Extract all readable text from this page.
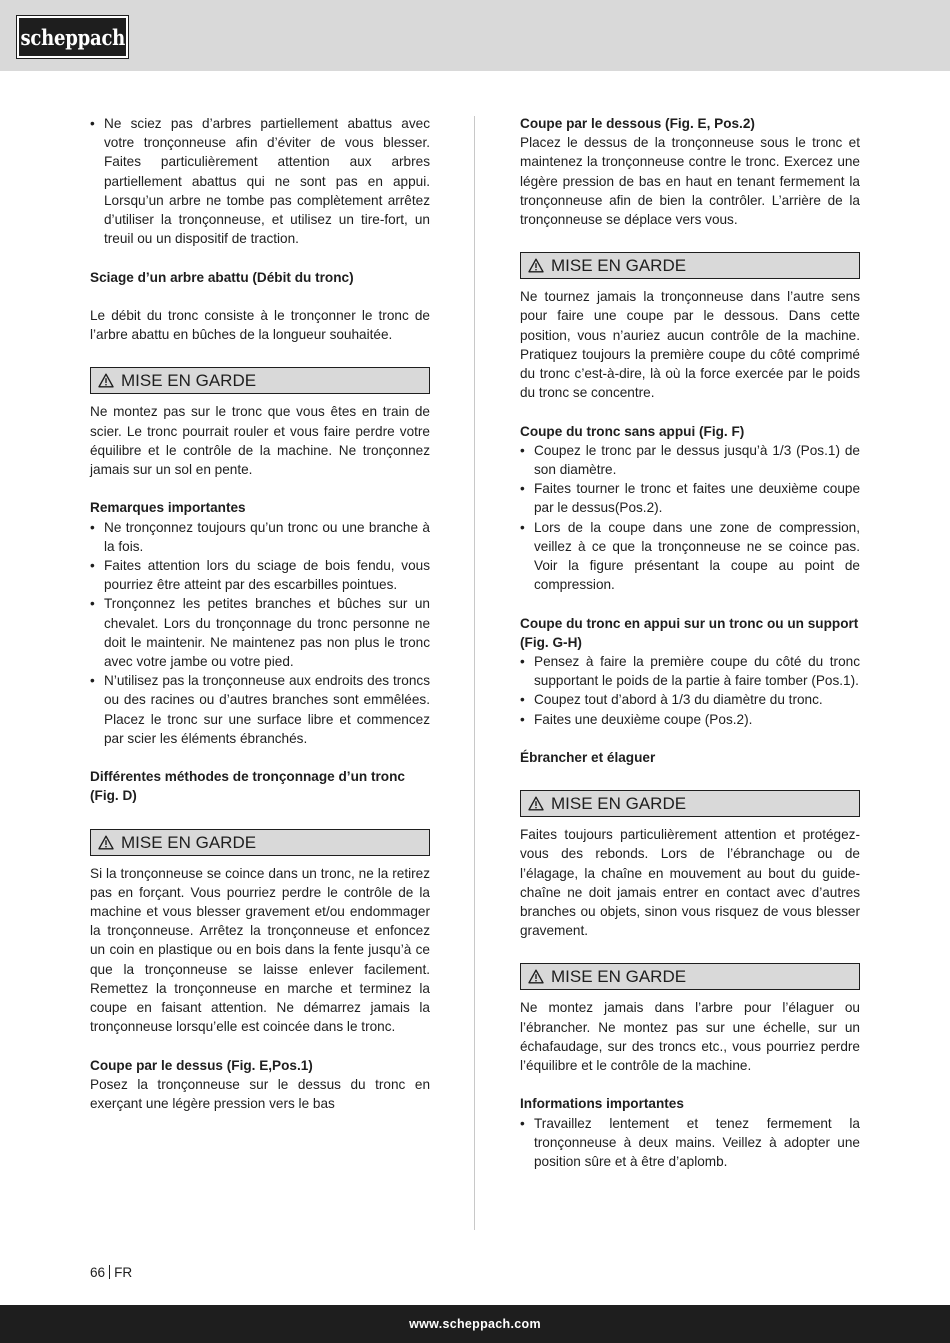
scheppach
• Ne sciez pas d’arbres partiellement abattus avec votre tronçonneuse afin d’éviter de vous blesser. Faites particulièrement attention aux arbres partiellement abattus qui ne sont pas en appui. Lorsqu’un arbre ne tombe pas complètement arrêtez d’utiliser la tronçonneuse, et utilisez un tire-fort, un treuil ou un dispositif de traction.

Sciage d’un arbre abattu (Débit du tronc)

Le débit du tronc consiste à le tronçonner le tronc de l’arbre abattu en bûches de la longueur souhaitée.

MISE EN GARDE

Ne montez pas sur le tronc que vous êtes en train de scier. Le tronc pourrait rouler et vous faire perdre votre équilibre et le contrôle de la machine. Ne tronçonnez jamais sur un sol en pente.

Remarques importantes

• Ne tronçonnez toujours qu’un tronc ou une branche à la fois.
• Faites attention lors du sciage de bois fendu, vous pourriez être atteint par des escarbilles pointues.
• Tronçonnez les petites branches et bûches sur un chevalet. Lors du tronçonnage du tronc personne ne doit le maintenir. Ne maintenez pas non plus le tronc avec votre jambe ou votre pied.
• N’utilisez pas la tronçonneuse aux endroits des troncs ou des racines ou d’autres branches sont emmêlées. Placez le tronc sur une surface libre et commencez par scier les éléments ébranchés.

Différentes méthodes de tronçonnage d’un tronc (Fig. D)

MISE EN GARDE

Si la tronçonneuse se coince dans un tronc, ne la retirez pas en forçant. Vous pourriez perdre le contrôle de la machine et vous blesser gravement et/ou endommager la tronçonneuse. Arrêtez la tronçonneuse et enfoncez un coin en plastique ou en bois dans la fente jusqu’à ce que la tronçonneuse se laisse enlever facilement. Remettez la tronçonneuse en marche et terminez la coupe en faisant attention. Ne démarrez jamais la tronçonneuse lorsqu’elle est coincée dans le tronc.

Coupe par le dessus (Fig. E,Pos.1)

Posez la tronçonneuse sur le dessus du tronc en exerçant une légère pression vers le bas

Coupe par le dessous (Fig. E, Pos.2)

Placez le dessus de la tronçonneuse sous le tronc et maintenez la tronçonneuse contre le tronc. Exercez une légère pression de bas en haut en tenant fermement la tronçonneuse afin de bien la contrôler. L’arrière de la tronçonneuse se déplace vers vous.

MISE EN GARDE

Ne tournez jamais la tronçonneuse dans l’autre sens pour faire une coupe par le dessous. Dans cette position, vous n’auriez aucun contrôle de la machine. Pratiquez toujours la première coupe du côté comprimé du tronc c’est-à-dire, là où la force exercée par le poids du tronc se concentre.

Coupe du tronc sans appui (Fig. F)

• Coupez le tronc par le dessus jusqu’à 1/3 (Pos.1) de son diamètre.
• Faites tourner le tronc et faites une deuxième coupe par le dessus(Pos.2).
• Lors de la coupe dans une zone de compression, veillez à ce que la tronçonneuse ne se coince pas. Voir la figure présentant la coupe au point de compression.

Coupe du tronc en appui sur un tronc ou un support (Fig. G-H)

• Pensez à faire la première coupe du côté du tronc supportant le poids de la partie à faire tomber (Pos.1).
• Coupez tout d’abord à 1/3 du diamètre du tronc.
• Faites une deuxième coupe (Pos.2).

Ébrancher et élaguer

MISE EN GARDE

Faites toujours particulièrement attention et protégez-vous des rebonds. Lors de l’ébranchage ou de l’élagage, la chaîne en mouvement au bout du guide-chaîne ne doit jamais entrer en contact avec d’autres branches ou objets, sinon vous risquez de vous blesser gravement.

MISE EN GARDE

Ne montez jamais dans l’arbre pour l’élaguer ou l’ébrancher. Ne montez pas sur une échelle, sur un échafaudage, sur des troncs etc., vous pourriez perdre l’équilibre et le contrôle de la machine.

Informations importantes

• Travaillez lentement et tenez fermement la tronçonneuse à deux mains. Veillez à adopter une position sûre et à être d’aplomb.
66 FR
www.scheppach.com
